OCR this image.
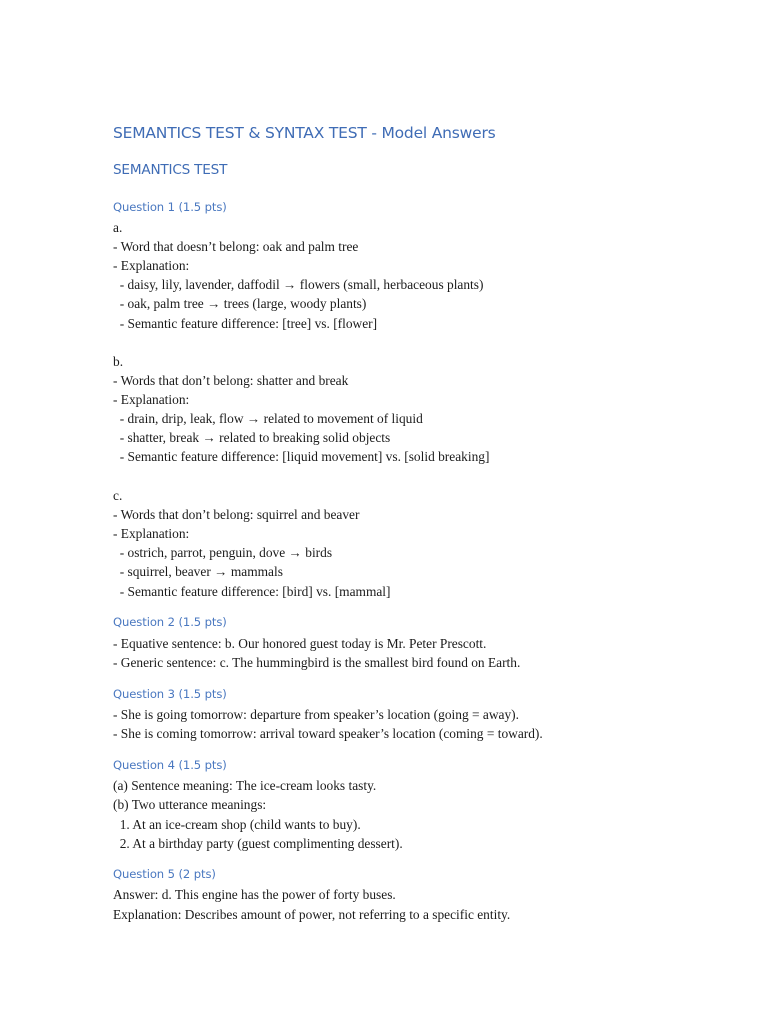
SEMANTICS TEST & SYNTAX TEST - Model Answers
SEMANTICS TEST
Question 1 (1.5 pts)
a.
- Word that doesn’t belong: oak and palm tree
- Explanation:
- daisy, lily, lavender, daffodil → flowers (small, herbaceous plants)
- oak, palm tree → trees (large, woody plants)
- Semantic feature difference: [tree] vs. [flower]
b.
- Words that don’t belong: shatter and break
- Explanation:
- drain, drip, leak, flow → related to movement of liquid
- shatter, break → related to breaking solid objects
- Semantic feature difference: [liquid movement] vs. [solid breaking]
c.
- Words that don’t belong: squirrel and beaver
- Explanation:
- ostrich, parrot, penguin, dove → birds
- squirrel, beaver → mammals
- Semantic feature difference: [bird] vs. [mammal]
Question 2 (1.5 pts)
- Equative sentence: b. Our honored guest today is Mr. Peter Prescott.
- Generic sentence: c. The hummingbird is the smallest bird found on Earth.
Question 3 (1.5 pts)
- She is going tomorrow: departure from speaker’s location (going = away).
- She is coming tomorrow: arrival toward speaker’s location (coming = toward).
Question 4 (1.5 pts)
(a) Sentence meaning: The ice-cream looks tasty.
(b) Two utterance meanings:
1. At an ice-cream shop (child wants to buy).
2. At a birthday party (guest complimenting dessert).
Question 5 (2 pts)
Answer: d. This engine has the power of forty buses.
Explanation: Describes amount of power, not referring to a specific entity.
